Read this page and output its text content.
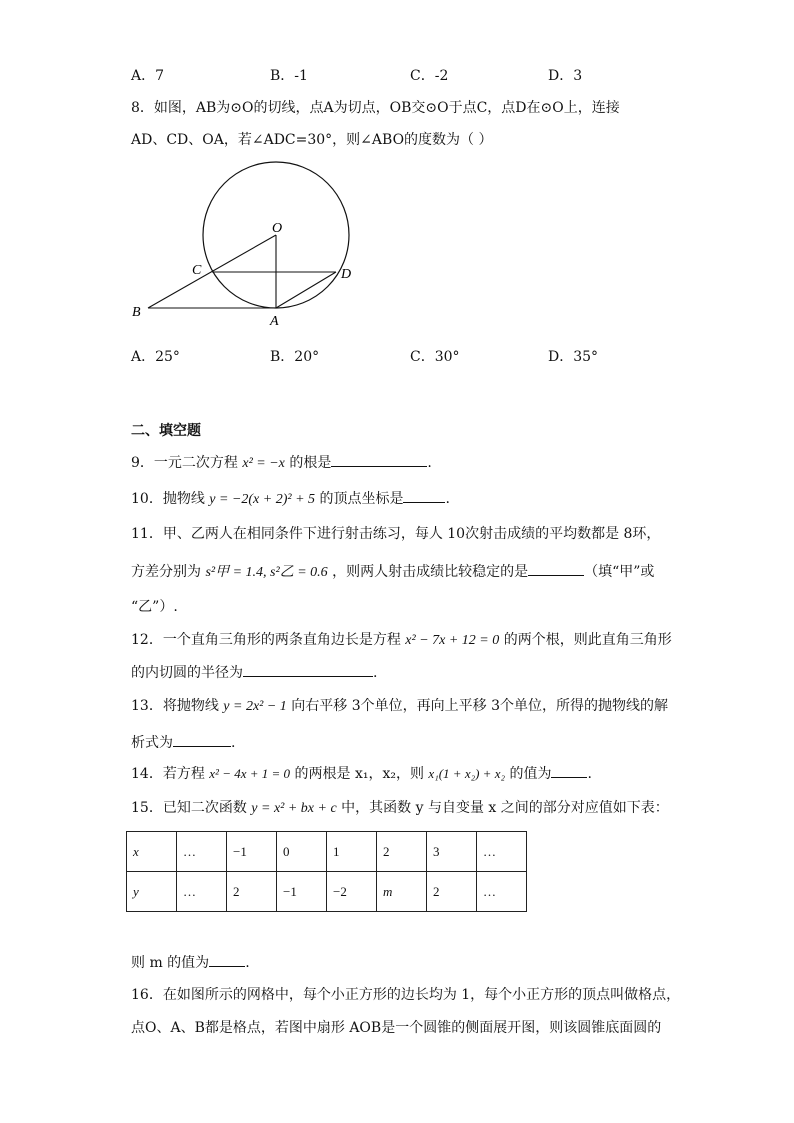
A．7	B．-1	C．-2	D．3
8．如图，AB为⊙O的切线，点A为切点，OB交⊙O于点C，点D在⊙O上，连接
AD、CD、OA，若∠ADC=30°，则∠ABO的度数为（ ）
O
C	D
B
A
A．25°	B．20°	C．30°	D．35°
二、填空题
9．一元二次方程 x² = −x 的根是	.
10．抛物线 y = −2(x + 2)² + 5 的顶点坐标是	.
11．甲、乙两人在相同条件下进行射击练习，每人 10次射击成绩的平均数都是 8环，
方差分别为 s²甲 = 1.4, s²乙 = 0.6 ，则两人射击成绩比较稳定的是	（填“甲”或
“乙”）.
12．一个直角三角形的两条直角边长是方程 x² − 7x + 12 = 0 的两个根，则此直角三角形
的内切圆的半径为	.
13．将抛物线 y = 2x² − 1 向右平移 3个单位，再向上平移 3个单位，所得的抛物线的解
析式为	.
14．若方程 x² − 4x + 1 = 0 的两根是 x₁，x₂，则 x₁(1 + x₂) + x₂ 的值为	.
15．已知二次函数 y = x² + bx + c 中，其函数 y 与自变量 x 之间的部分对应值如下表：
x	…	−1	0	1	2	3	…
y	…	2	−1	−2	m	2	…
则 m 的值为	.
16．在如图所示的网格中，每个小正方形的边长均为 1，每个小正方形的顶点叫做格点，
点O、A、B都是格点，若图中扇形 AOB是一个圆锥的侧面展开图，则该圆锥底面圆的
